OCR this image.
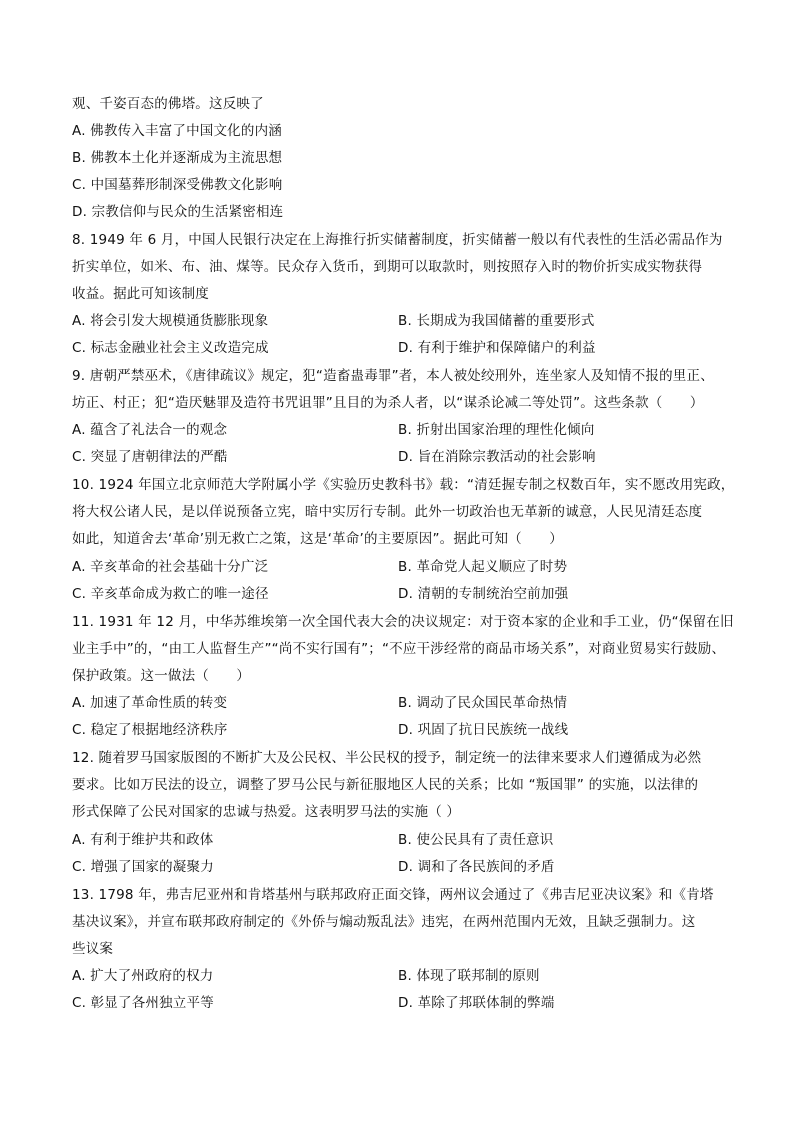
观、千姿百态的佛塔。这反映了
A. 佛教传入丰富了中国文化的内涵
B. 佛教本土化并逐渐成为主流思想
C. 中国墓葬形制深受佛教文化影响
D. 宗教信仰与民众的生活紧密相连
8. 1949 年 6 月，中国人民银行决定在上海推行折实储蓄制度，折实储蓄一般以有代表性的生活必需品作为
折实单位，如米、布、油、煤等。民众存入货币，到期可以取款时，则按照存入时的物价折实成实物获得
收益。据此可知该制度
A. 将会引发大规模通货膨胀现象	B. 长期成为我国储蓄的重要形式
C. 标志金融业社会主义改造完成	D. 有利于维护和保障储户的利益
9. 唐朝严禁巫术，《唐律疏议》规定，犯“造畜蛊毒罪”者，本人被处绞刑外，连坐家人及知情不报的里正、
坊正、村正；犯“造厌魅罪及造符书咒诅罪”且目的为杀人者，以“谋杀论减二等处罚”。这些条款（　　）
A. 蕴含了礼法合一的观念	B. 折射出国家治理的理性化倾向
C. 突显了唐朝律法的严酷	D. 旨在消除宗教活动的社会影响
10. 1924 年国立北京师范大学附属小学《实验历史教科书》载：“清廷握专制之权数百年，实不愿改用宪政，
将大权公诸人民，是以佯说预备立宪，暗中实厉行专制。此外一切政治也无革新的诚意，人民见清廷态度
如此，知道舍去‘革命’别无救亡之策，这是‘革命’的主要原因”。据此可知（　　）
A. 辛亥革命的社会基础十分广泛	B. 革命党人起义顺应了时势
C. 辛亥革命成为救亡的唯一途径	D. 清朝的专制统治空前加强
11. 1931 年 12 月，中华苏维埃第一次全国代表大会的决议规定：对于资本家的企业和手工业，仍“保留在旧
业主手中”的，“由工人监督生产”“尚不实行国有”；“不应干涉经常的商品市场关系”，对商业贸易实行鼓励、
保护政策。这一做法（　　）
A. 加速了革命性质的转变	B. 调动了民众国民革命热情
C. 稳定了根据地经济秩序	D. 巩固了抗日民族统一战线
12. 随着罗马国家版图的不断扩大及公民权、半公民权的授予，制定统一的法律来要求人们遵循成为必然
要求。比如万民法的设立，调整了罗马公民与新征服地区人民的关系；比如 “叛国罪” 的实施，以法律的
形式保障了公民对国家的忠诚与热爱。这表明罗马法的实施（ ）
A. 有利于维护共和政体	B. 使公民具有了责任意识
C. 增强了国家的凝聚力	D. 调和了各民族间的矛盾
13. 1798 年，弗吉尼亚州和肯塔基州与联邦政府正面交锋，两州议会通过了《弗吉尼亚决议案》和《肯塔
基决议案》，并宣布联邦政府制定的《外侨与煽动叛乱法》违宪，在两州范围内无效，且缺乏强制力。这
些议案
A. 扩大了州政府的权力	B. 体现了联邦制的原则
C. 彰显了各州独立平等	D. 革除了邦联体制的弊端
